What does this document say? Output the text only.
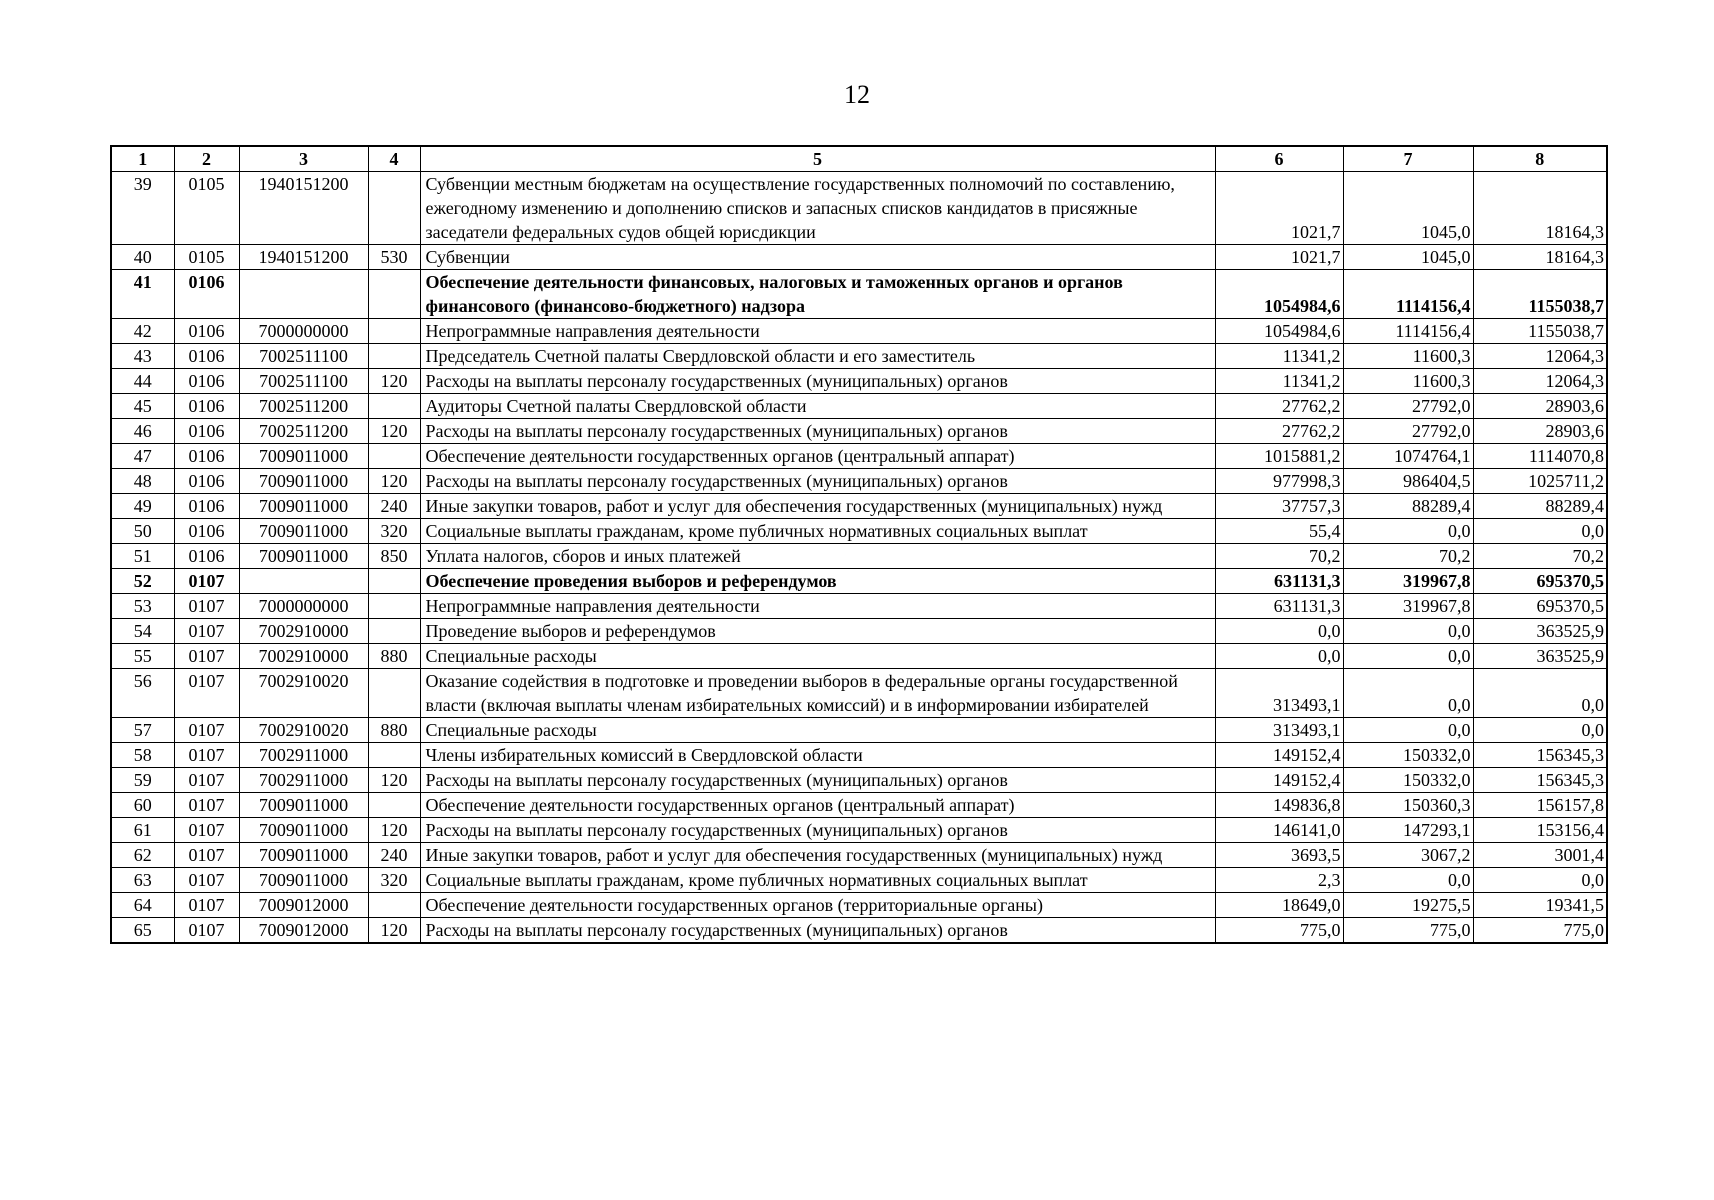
12
1	2	3	4	5	6	7	8
39	0105	1940151200		Субвенции местным бюджетам на осуществление государственных полномочий по составлению, ежегодному изменению и дополнению списков и запасных списков кандидатов в присяжные заседатели федеральных судов общей юрисдикции	1021,7	1045,0	18164,3
40	0105	1940151200	530	Субвенции	1021,7	1045,0	18164,3
41	0106			Обеспечение деятельности финансовых, налоговых и таможенных органов и органов финансового (финансово-бюджетного) надзора	1054984,6	1114156,4	1155038,7
42	0106	7000000000		Непрограммные направления деятельности	1054984,6	1114156,4	1155038,7
43	0106	7002511100		Председатель Счетной палаты Свердловской области и его заместитель	11341,2	11600,3	12064,3
44	0106	7002511100	120	Расходы на выплаты персоналу государственных (муниципальных) органов	11341,2	11600,3	12064,3
45	0106	7002511200		Аудиторы Счетной палаты Свердловской области	27762,2	27792,0	28903,6
46	0106	7002511200	120	Расходы на выплаты персоналу государственных (муниципальных) органов	27762,2	27792,0	28903,6
47	0106	7009011000		Обеспечение деятельности государственных органов (центральный аппарат)	1015881,2	1074764,1	1114070,8
48	0106	7009011000	120	Расходы на выплаты персоналу государственных (муниципальных) органов	977998,3	986404,5	1025711,2
49	0106	7009011000	240	Иные закупки товаров, работ и услуг для обеспечения государственных (муниципальных) нужд	37757,3	88289,4	88289,4
50	0106	7009011000	320	Социальные выплаты гражданам, кроме публичных нормативных социальных выплат	55,4	0,0	0,0
51	0106	7009011000	850	Уплата налогов, сборов и иных платежей	70,2	70,2	70,2
52	0107			Обеспечение проведения выборов и референдумов	631131,3	319967,8	695370,5
53	0107	7000000000		Непрограммные направления деятельности	631131,3	319967,8	695370,5
54	0107	7002910000		Проведение выборов и референдумов	0,0	0,0	363525,9
55	0107	7002910000	880	Специальные расходы	0,0	0,0	363525,9
56	0107	7002910020		Оказание содействия в подготовке и проведении выборов в федеральные органы государственной власти (включая выплаты членам избирательных комиссий) и в информировании избирателей	313493,1	0,0	0,0
57	0107	7002910020	880	Специальные расходы	313493,1	0,0	0,0
58	0107	7002911000		Члены избирательных комиссий в Свердловской области	149152,4	150332,0	156345,3
59	0107	7002911000	120	Расходы на выплаты персоналу государственных (муниципальных) органов	149152,4	150332,0	156345,3
60	0107	7009011000		Обеспечение деятельности государственных органов (центральный аппарат)	149836,8	150360,3	156157,8
61	0107	7009011000	120	Расходы на выплаты персоналу государственных (муниципальных) органов	146141,0	147293,1	153156,4
62	0107	7009011000	240	Иные закупки товаров, работ и услуг для обеспечения государственных (муниципальных) нужд	3693,5	3067,2	3001,4
63	0107	7009011000	320	Социальные выплаты гражданам, кроме публичных нормативных социальных выплат	2,3	0,0	0,0
64	0107	7009012000		Обеспечение деятельности государственных органов (территориальные органы)	18649,0	19275,5	19341,5
65	0107	7009012000	120	Расходы на выплаты персоналу государственных (муниципальных) органов	775,0	775,0	775,0
